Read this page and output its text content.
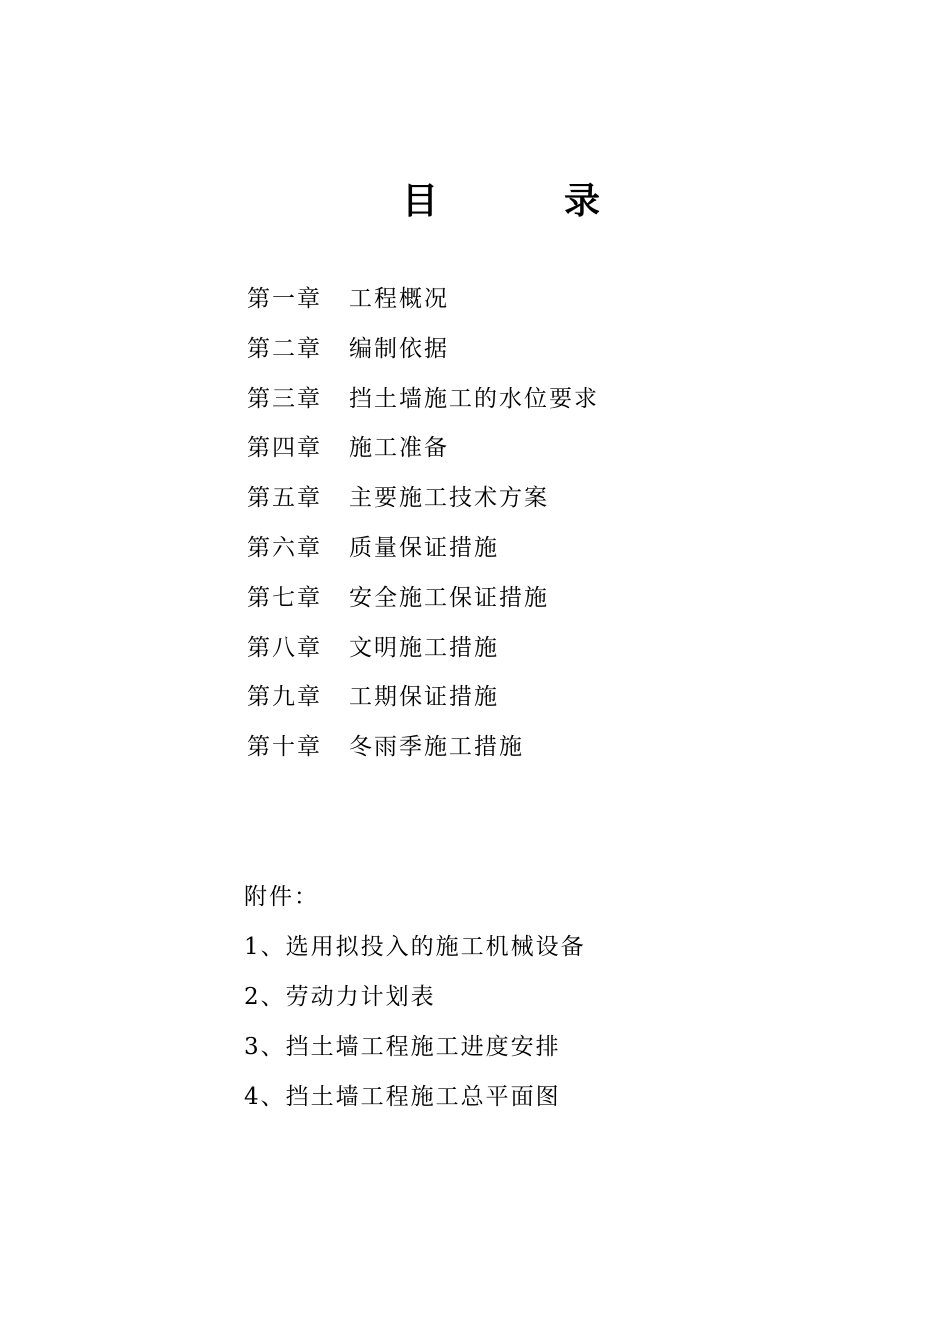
目	录
第一章 工程概况
第二章 编制依据
第三章 挡土墙施工的水位要求
第四章 施工准备
第五章 主要施工技术方案
第六章 质量保证措施
第七章 安全施工保证措施
第八章 文明施工措施
第九章 工期保证措施
第十章 冬雨季施工措施
附件：
1、选用拟投入的施工机械设备
2、劳动力计划表
3、挡土墙工程施工进度安排
4、挡土墙工程施工总平面图
